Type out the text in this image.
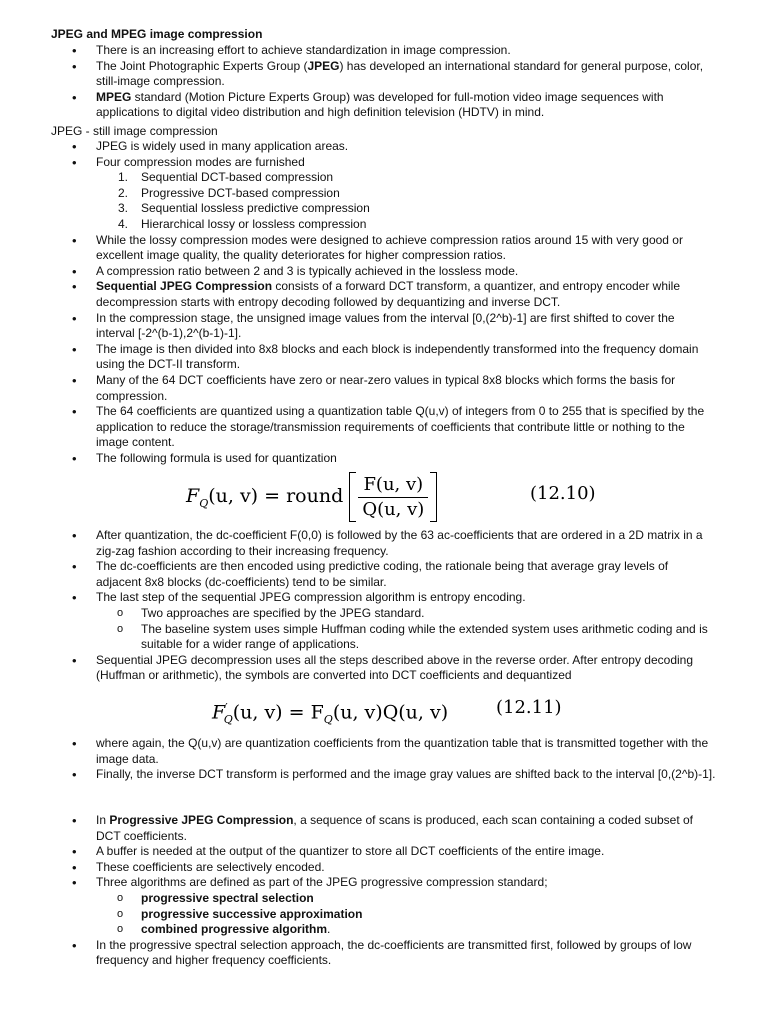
JPEG and MPEG image compression
• There is an increasing effort to achieve standardization in image compression.
• The Joint Photographic Experts Group (JPEG) has developed an international standard for general purpose, color, still-image compression.
• MPEG standard (Motion Picture Experts Group) was developed for full-motion video image sequences with applications to digital video distribution and high definition television (HDTV) in mind.
JPEG - still image compression
• JPEG is widely used in many application areas.
• Four compression modes are furnished
1. Sequential DCT-based compression
2. Progressive DCT-based compression
3. Sequential lossless predictive compression
4. Hierarchical lossy or lossless compression
• While the lossy compression modes were designed to achieve compression ratios around 15 with very good or excellent image quality, the quality deteriorates for higher compression ratios.
• A compression ratio between 2 and 3 is typically achieved in the lossless mode.
• Sequential JPEG Compression consists of a forward DCT transform, a quantizer, and entropy encoder while decompression starts with entropy decoding followed by dequantizing and inverse DCT.
• In the compression stage, the unsigned image values from the interval [0,(2^b)-1] are first shifted to cover the interval [-2^(b-1),2^(b-1)-1].
• The image is then divided into 8x8 blocks and each block is independently transformed into the frequency domain using the DCT-II transform.
• Many of the 64 DCT coefficients have zero or near-zero values in typical 8x8 blocks which forms the basis for compression.
• The 64 coefficients are quantized using a quantization table Q(u,v) of integers from 0 to 255 that is specified by the application to reduce the storage/transmission requirements of coefficients that contribute little or nothing to the image content.
• The following formula is used for quantization
$F_Q(u$, v) = round $\frac{F(u, v)}{Q(u, v)}$	(12.10)
• After quantization, the dc-coefficient F(0,0) is followed by the 63 ac-coefficients that are ordered in a 2D matrix in a zig-zag fashion according to their increasing frequency.
• The dc-coefficients are then encoded using predictive coding, the rationale being that average gray levels of adjacent 8x8 blocks (dc-coefficients) tend to be similar.
• The last step of the sequential JPEG compression algorithm is entropy encoding.
o Two approaches are specified by the JPEG standard.
o The baseline system uses simple Huffman coding while the extended system uses arithmetic coding and is suitable for a wider range of applications.
• Sequential JPEG decompression uses all the steps described above in the reverse order. After entropy decoding (Huffman or arithmetic), the symbols are converted into DCT coefficients and dequantized
$F'_Q(u$, $v) = F_Q(u$, v)Q(u, v)	(12.11)
• where again, the Q(u,v) are quantization coefficients from the quantization table that is transmitted together with the image data.
• Finally, the inverse DCT transform is performed and the image gray values are shifted back to the interval [0,(2^b)-1].
• In Progressive JPEG Compression, a sequence of scans is produced, each scan containing a coded subset of DCT coefficients.
• A buffer is needed at the output of the quantizer to store all DCT coefficients of the entire image.
• These coefficients are selectively encoded.
• Three algorithms are defined as part of the JPEG progressive compression standard;
o progressive spectral selection
o progressive successive approximation
o combined progressive algorithm.
• In the progressive spectral selection approach, the dc-coefficients are transmitted first, followed by groups of low frequency and higher frequency coefficients.
